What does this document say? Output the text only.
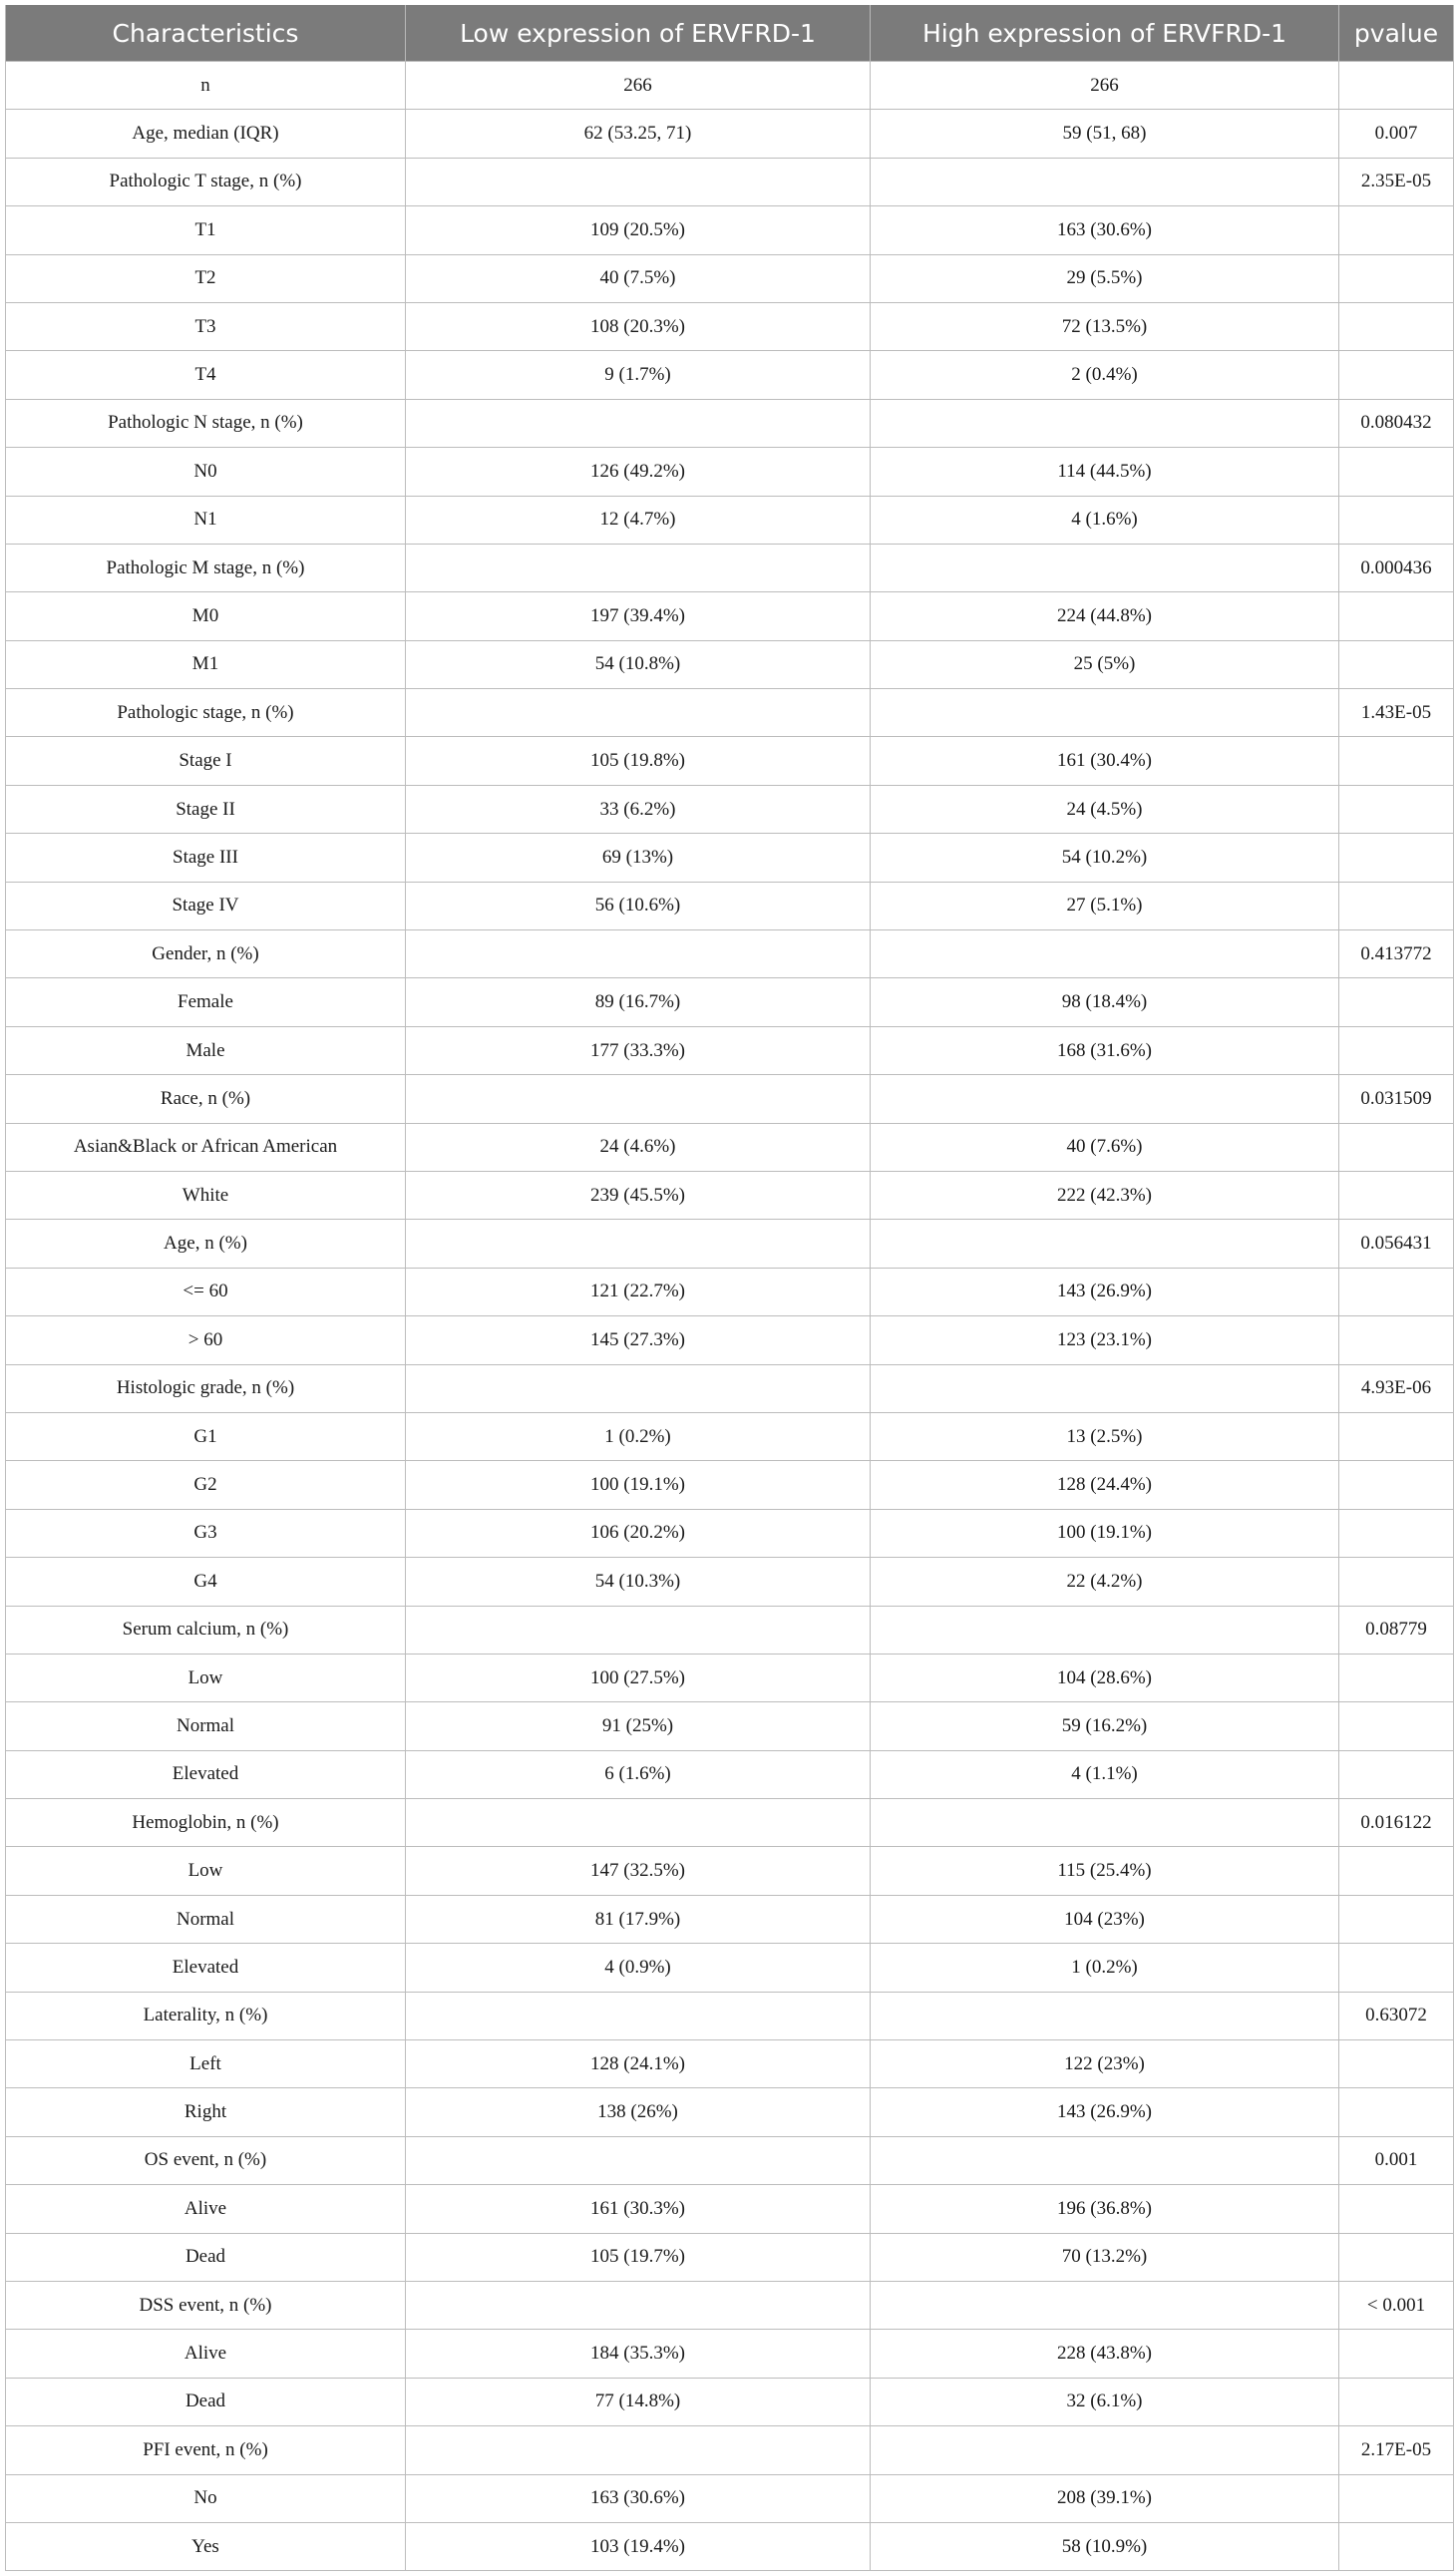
Characteristics	Low expression of ERVFRD-1	High expression of ERVFRD-1	pvalue
n	266	266	
Age, median (IQR)	62 (53.25, 71)	59 (51, 68)	0.007
Pathologic T stage, n (%)			2.35E-05
T1	109 (20.5%)	163 (30.6%)	
T2	40 (7.5%)	29 (5.5%)	
T3	108 (20.3%)	72 (13.5%)	
T4	9 (1.7%)	2 (0.4%)	
Pathologic N stage, n (%)			0.080432
N0	126 (49.2%)	114 (44.5%)	
N1	12 (4.7%)	4 (1.6%)	
Pathologic M stage, n (%)			0.000436
M0	197 (39.4%)	224 (44.8%)	
M1	54 (10.8%)	25 (5%)	
Pathologic stage, n (%)			1.43E-05
Stage I	105 (19.8%)	161 (30.4%)	
Stage II	33 (6.2%)	24 (4.5%)	
Stage III	69 (13%)	54 (10.2%)	
Stage IV	56 (10.6%)	27 (5.1%)	
Gender, n (%)			0.413772
Female	89 (16.7%)	98 (18.4%)	
Male	177 (33.3%)	168 (31.6%)	
Race, n (%)			0.031509
Asian&Black or African American	24 (4.6%)	40 (7.6%)	
White	239 (45.5%)	222 (42.3%)	
Age, n (%)			0.056431
<= 60	121 (22.7%)	143 (26.9%)	
> 60	145 (27.3%)	123 (23.1%)	
Histologic grade, n (%)			4.93E-06
G1	1 (0.2%)	13 (2.5%)	
G2	100 (19.1%)	128 (24.4%)	
G3	106 (20.2%)	100 (19.1%)	
G4	54 (10.3%)	22 (4.2%)	
Serum calcium, n (%)			0.08779
Low	100 (27.5%)	104 (28.6%)	
Normal	91 (25%)	59 (16.2%)	
Elevated	6 (1.6%)	4 (1.1%)	
Hemoglobin, n (%)			0.016122
Low	147 (32.5%)	115 (25.4%)	
Normal	81 (17.9%)	104 (23%)	
Elevated	4 (0.9%)	1 (0.2%)	
Laterality, n (%)			0.63072
Left	128 (24.1%)	122 (23%)	
Right	138 (26%)	143 (26.9%)	
OS event, n (%)			0.001
Alive	161 (30.3%)	196 (36.8%)	
Dead	105 (19.7%)	70 (13.2%)	
DSS event, n (%)			< 0.001
Alive	184 (35.3%)	228 (43.8%)	
Dead	77 (14.8%)	32 (6.1%)	
PFI event, n (%)			2.17E-05
No	163 (30.6%)	208 (39.1%)	
Yes	103 (19.4%)	58 (10.9%)	
